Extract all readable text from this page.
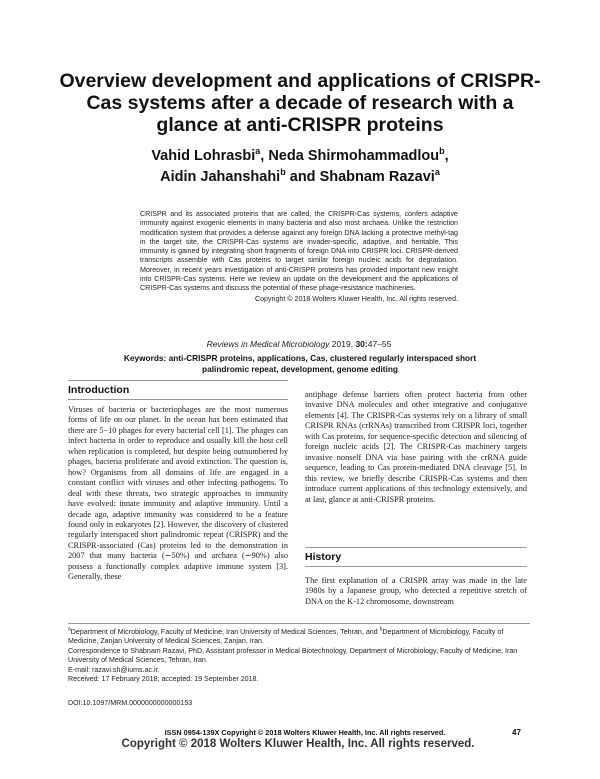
Overview development and applications of CRISPR-Cas systems after a decade of research with a glance at anti-CRISPR proteins
Vahid Lohrasbi$^a$, Neda Shirmohammadlou$^b$,
Aidin Jahanshahi$^b$ and Shabnam Razavi$^a$
CRISPR and its associated proteins that are called, the CRISPR-Cas systems, confers adaptive immunity against exogenic elements in many bacteria and also most archaea. Unlike the restriction modification system that provides a defense against any foreign DNA lacking a protective methyl-tag in the target site, the CRISPR-Cas systems are invader-specific, adaptive, and heritable. This immunity is gained by integrating short fragments of foreign DNA into CRISPR loci. CRISPR-derived transcripts assemble with Cas proteins to target similar foreign nucleic acids for degradation. Moreover, in recent years investigation of anti-CRISPR proteins has provided important new insight into CRISPR-Cas systems. Here we review an update on the development and the applications of CRISPR-Cas systems and discuss the potential of these phage-resistance machineries.
Copyright © 2018 Wolters Kluwer Health, Inc. All rights reserved.
Reviews in Medical Microbiology 2019, 30:47–55
Keywords: anti-CRISPR proteins, applications, Cas, clustered regularly interspaced short palindromic repeat, development, genome editing
Introduction
Viruses of bacteria or bacteriophages are the most numerous forms of life on our planet. In the ocean has been estimated that there are 5−10 phages for every bacterial cell [1]. The phages can infect bacteria in order to reproduce and usually kill the host cell when replication is completed, but despite being outnumbered by phages, bacteria proliferate and avoid extinction. The question is, how? Organisms from all domains of life are engaged in a constant conflict with viruses and other infecting pathogens. To deal with these threats, two strategic approaches to immunity have evolved: innate immunity and adaptive immunity. Until a decade ago, adaptive immunity was considered to be a feature found only in eukaryotes [2]. However, the discovery of clustered regularly interspaced short palindromic repeat (CRISPR) and the CRISPR-associated (Cas) proteins led to the demonstration in 2007 that many bacteria (∼50%) and archaea (∼90%) also possess a functionally complex adaptive immune system [3]. Generally, these
antiphage defense barriers often protect bacteria from other invasive DNA molecules and other integrative and conjugative elements [4]. The CRISPR-Cas systems rely on a library of small CRISPR RNAs (crRNAs) transcribed from CRISPR loci, together with Cas proteins, for sequence-specific detection and silencing of foreign nucleic acids [2]. The CRISPR-Cas machinery targets invasive nonself DNA via base pairing with the crRNA guide sequence, leading to Cas protein-mediated DNA cleavage [5]. In this review, we briefly describe CRISPR-Cas systems and then introduce current applications of this technology extensively, and at last, glance at anti-CRISPR proteins.
History
The first explanation of a CRISPR array was made in the late 1980s by a Japanese group, who detected a repetitive stretch of DNA on the K-12 chromosome, downstream

$^a$Department of Microbiology, Faculty of Medicine, Iran University of Medical Sciences, Tehran, and $^b$Department of Microbiology, Faculty of Medicine, Zanjan University of Medical Sciences, Zanjan, Iran.

Correspondence to Shabnam Razavi, PhD, Assistant professor in Medical Biotechnology, Department of Microbiology, Faculty of Medicine, Iran University of Medical Sciences, Tehran, Iran.

E-mail: razavi.sh@iums.ac.ir.

Received: 17 February 2018; accepted: 19 September 2018.

DOI:10.1097/MRM.0000000000000153
ISSN 0954-139X Copyright © 2018 Wolters Kluwer Health, Inc. All rights reserved.	47
Copyright © 2018 Wolters Kluwer Health, Inc. All rights reserved.
